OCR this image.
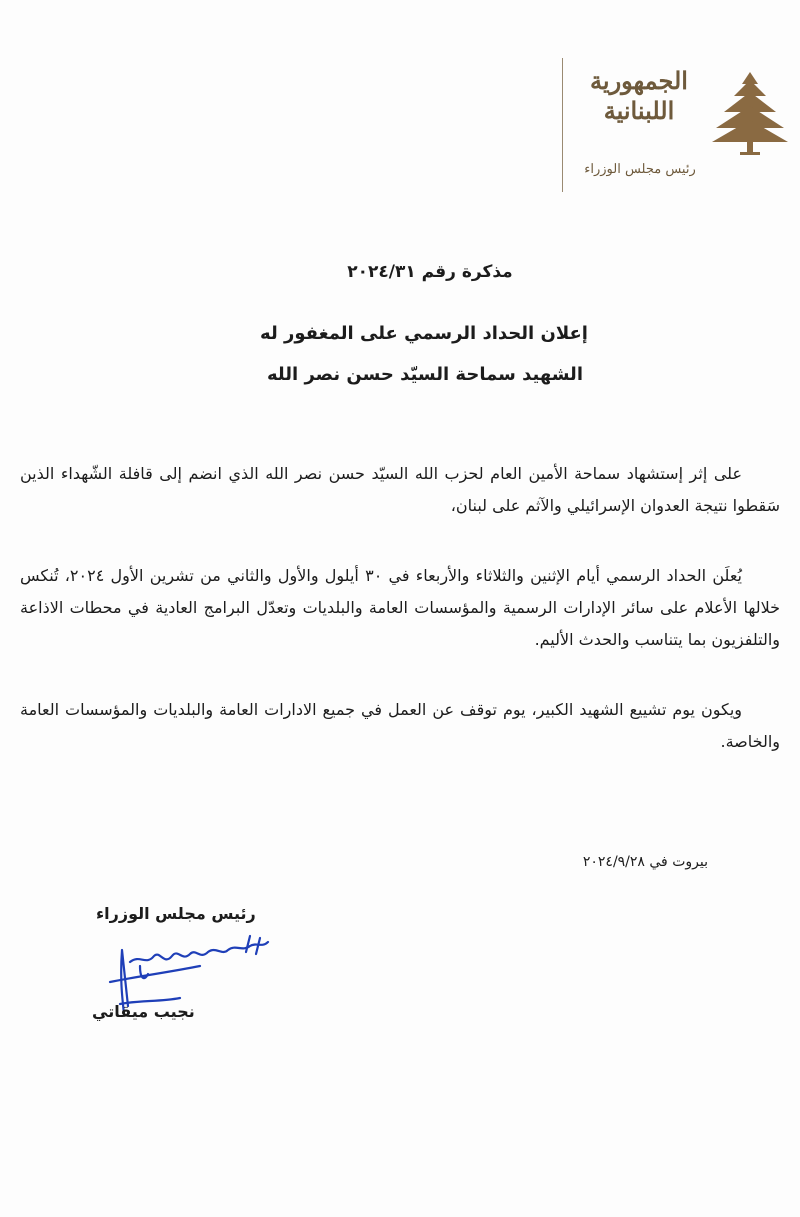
الجمهورية
اللبنانية
رئيس مجلس الوزراء
مذكرة رقم ٢٠٢٤/٣١
إعلان الحداد الرسمي على المغفور له
الشهيد سماحة السيّد حسن نصر الله

على إثر إستشهاد سماحة الأمين العام لحزب الله السيّد حسن نصر الله الذي انضم إلى قافلة الشّهداء الذين سَقطوا نتيجة العدوان الإسرائيلي والآثم على لبنان،

يُعلَن الحداد الرسمي أيام الإثنين والثلاثاء والأربعاء في ٣٠ أيلول والأول والثاني من تشرين الأول ٢٠٢٤، تُنكس خلالها الأعلام على سائر الإدارات الرسمية والمؤسسات العامة والبلديات وتعدّل البرامج العادية في محطات الاذاعة والتلفزيون بما يتناسب والحدث الأليم.

ويكون يوم تشييع الشهيد الكبير، يوم توقف عن العمل في جميع الادارات العامة والبلديات والمؤسسات العامة والخاصة.

بيروت في ٢٠٢٤/٩/٢٨
رئيس مجلس الوزراء
نجيب ميقاتي
